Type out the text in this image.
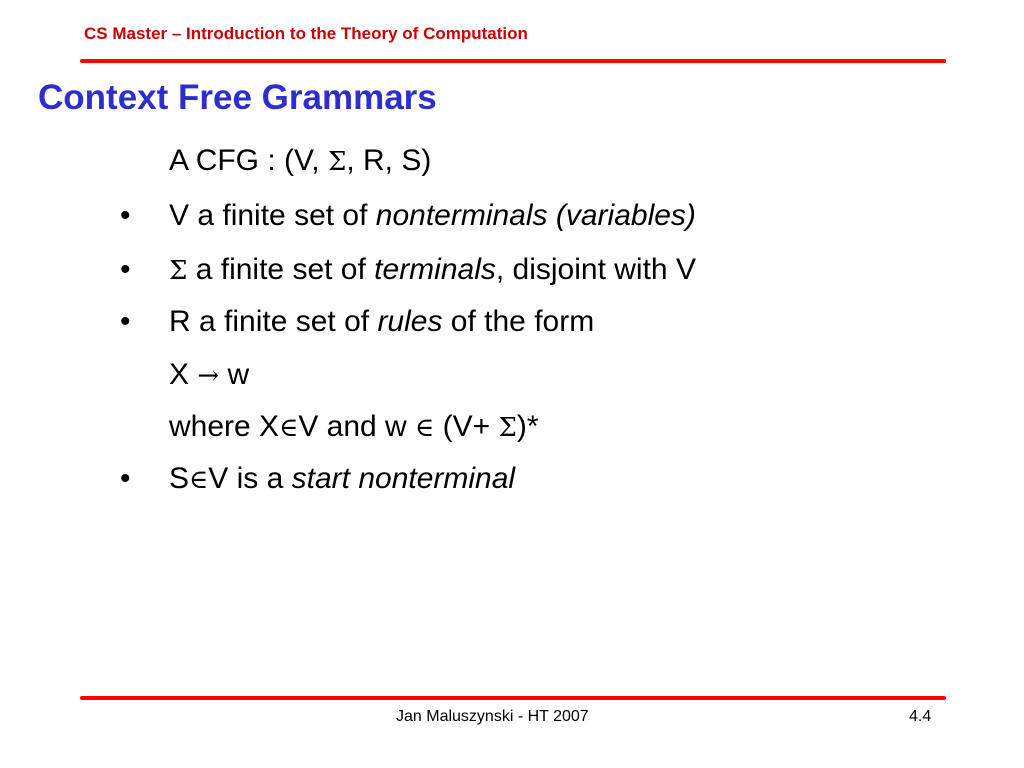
CS Master – Introduction to the Theory of Computation
Context Free Grammars
A CFG : (V, Σ, R, S)
• V a finite set of nonterminals (variables)
• Σ a finite set of terminals, disjoint with V
• R a finite set of rules of the form
X → w
where X∈V and w ∈ (V+ Σ)*
• S∈V is a start nonterminal
Jan Maluszynski - HT 2007	4.4
